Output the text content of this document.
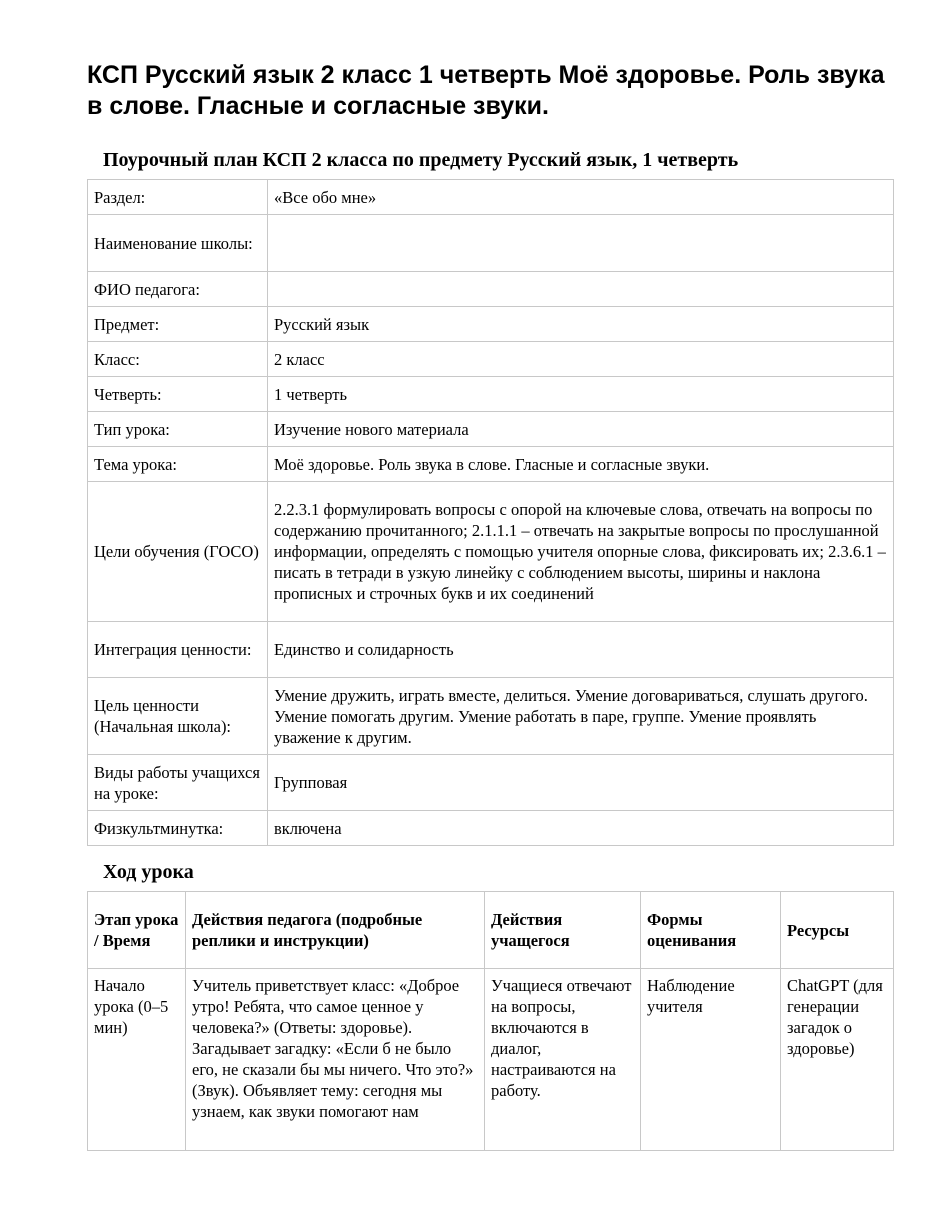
КСП Русский язык 2 класс 1 четверть Моё здоровье. Роль звука в слове. Гласные и согласные звуки.
Поурочный план КСП 2 класса по предмету Русский язык, 1 четверть
Раздел:	«Все обо мне»
Наименование школы:	
ФИО педагога:	
Предмет:	Русский язык
Класс:	2 класс
Четверть:	1 четверть
Тип урока:	Изучение нового материала
Тема урока:	Моё здоровье. Роль звука в слове. Гласные и согласные звуки.
Цели обучения (ГОСО)	2.2.3.1 формулировать вопросы с опорой на ключевые слова, отвечать на вопросы по содержанию прочитанного; 2.1.1.1 – отвечать на закрытые вопросы по прослушанной информации, определять с помощью учителя опорные слова, фиксировать их; 2.3.6.1 – писать в тетради в узкую линейку с соблюдением высоты, ширины и наклона прописных и строчных букв и их соединений
Интеграция ценности:	Единство и солидарность
Цель ценности (Начальная школа):	Умение дружить, играть вместе, делиться. Умение договариваться, слушать другого. Умение помогать другим. Умение работать в паре, группе. Умение проявлять уважение к другим.
Виды работы учащихся на уроке:	Групповая
Физкультминутка:	включена
Ход урока
Этап урока / Время	Действия педагога (подробные реплики и инструкции)	Действия учащегося	Формы оценивания	Ресурсы
Начало урока (0–5 мин)	Учитель приветствует класс: «Доброе утро! Ребята, что самое ценное у человека?» (Ответы: здоровье). Загадывает загадку: «Если б не было его, не сказали бы мы ничего. Что это?» (Звук). Объявляет тему: сегодня мы узнаем, как звуки помогают нам	Учащиеся отвечают на вопросы, включаются в диалог, настраиваются на работу.	Наблюдение учителя	ChatGPT (для генерации загадок о здоровье)
